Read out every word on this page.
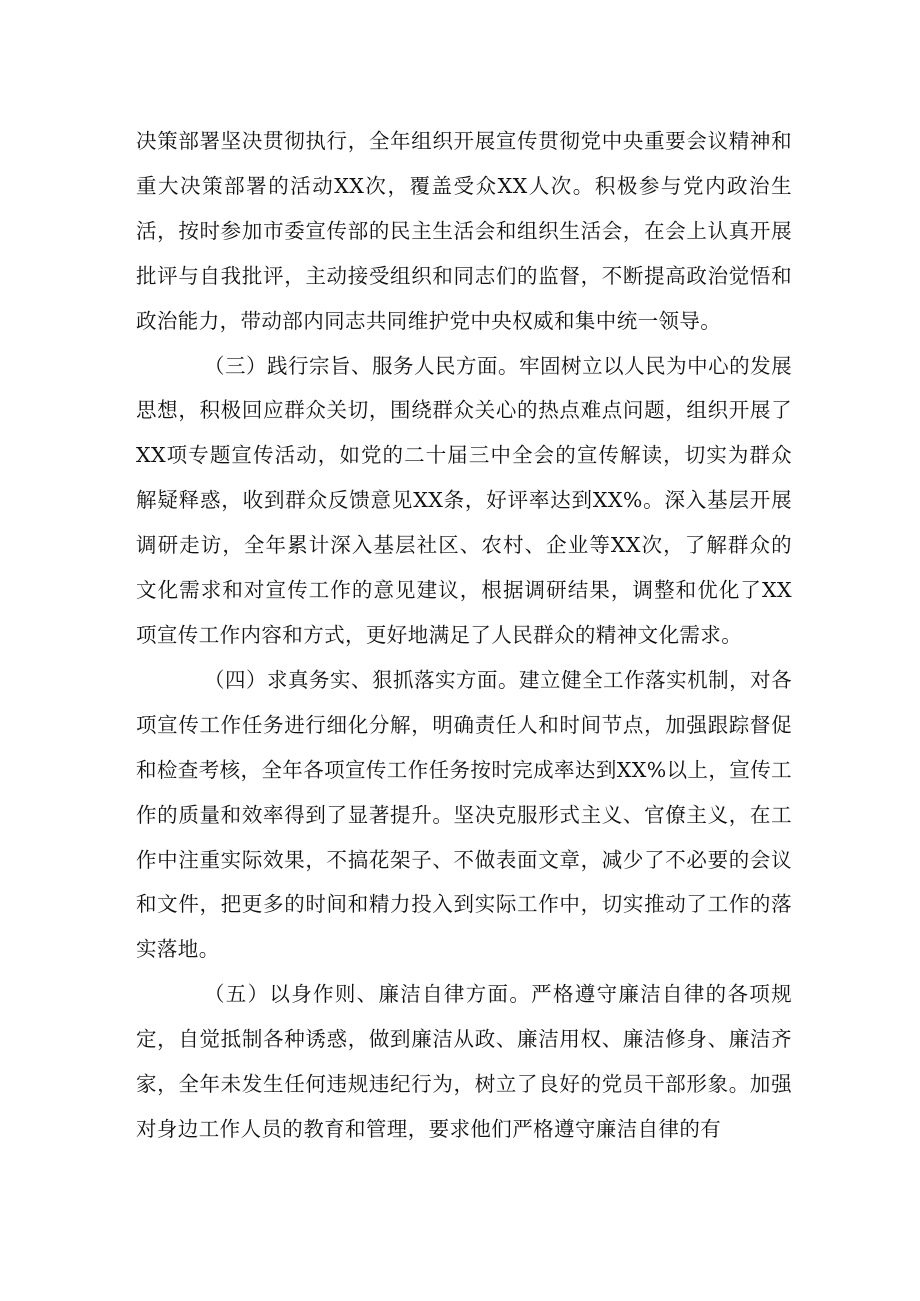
决策部署坚决贯彻执行，全年组织开展宣传贯彻党中央重要会议精神和重大决策部署的活动XX次，覆盖受众XX人次。积极参与党内政治生活，按时参加市委宣传部的民主生活会和组织生活会，在会上认真开展批评与自我批评，主动接受组织和同志们的监督，不断提高政治觉悟和政治能力，带动部内同志共同维护党中央权威和集中统一领导。

（三）践行宗旨、服务人民方面。牢固树立以人民为中心的发展思想，积极回应群众关切，围绕群众关心的热点难点问题，组织开展了XX项专题宣传活动，如党的二十届三中全会的宣传解读，切实为群众解疑释惑，收到群众反馈意见XX条，好评率达到XX%。深入基层开展调研走访，全年累计深入基层社区、农村、企业等XX次，了解群众的文化需求和对宣传工作的意见建议，根据调研结果，调整和优化了XX项宣传工作内容和方式，更好地满足了人民群众的精神文化需求。

（四）求真务实、狠抓落实方面。建立健全工作落实机制，对各项宣传工作任务进行细化分解，明确责任人和时间节点，加强跟踪督促和检查考核，全年各项宣传工作任务按时完成率达到XX%以上，宣传工作的质量和效率得到了显著提升。坚决克服形式主义、官僚主义，在工作中注重实际效果，不搞花架子、不做表面文章，减少了不必要的会议和文件，把更多的时间和精力投入到实际工作中，切实推动了工作的落实落地。

（五）以身作则、廉洁自律方面。严格遵守廉洁自律的各项规定，自觉抵制各种诱惑，做到廉洁从政、廉洁用权、廉洁修身、廉洁齐家，全年未发生任何违规违纪行为，树立了良好的党员干部形象。加强对身边工作人员的教育和管理，要求他们严格遵守廉洁自律的有
